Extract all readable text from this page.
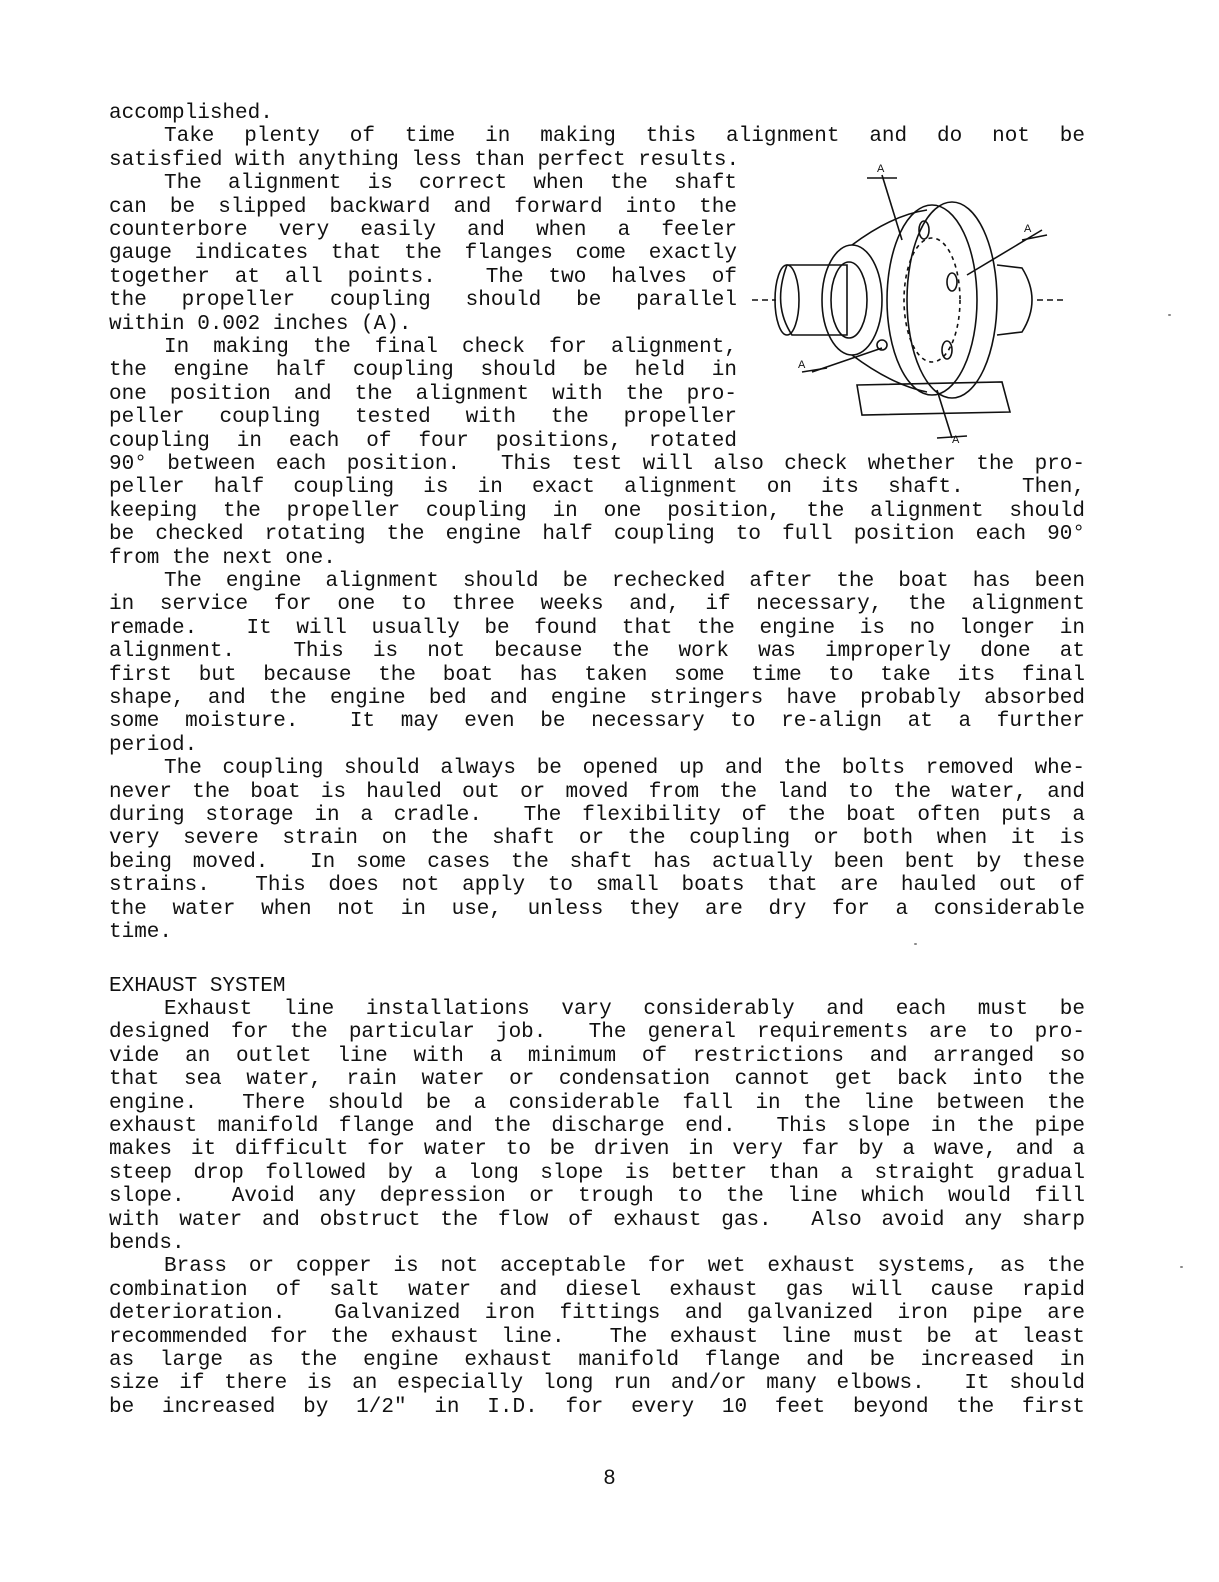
accomplished.
Take plenty of time in making this alignment and do not be
satisfied with anything less than perfect results.
The alignment is correct when the shaft
can be slipped backward and forward into the
counterbore very easily and when a feeler
gauge indicates that the flanges come exactly
together at all points.  The two halves of
the propeller coupling should be parallel
within 0.002 inches (A).
In making the final check for alignment,
the engine half coupling should be held in
one position and the alignment with the pro-
peller coupling tested with the propeller
coupling in each of four positions, rotated
90° between each position.  This test will also check whether the pro-
peller half coupling is in exact alignment on its shaft.  Then,
keeping the propeller coupling in one position, the alignment should
be checked rotating the engine half coupling to full position each 90°
from the next one.
The engine alignment should be rechecked after the boat has been
in service for one to three weeks and, if necessary, the alignment
remade.  It will usually be found that the engine is no longer in
alignment.  This is not because the work was improperly done at
first but because the boat has taken some time to take its final
shape, and the engine bed and engine stringers have probably absorbed
some moisture.  It may even be necessary to re-align at a further
period.
The coupling should always be opened up and the bolts removed whe-
never the boat is hauled out or moved from the land to the water, and
during storage in a cradle.  The flexibility of the boat often puts a
very severe strain on the shaft or the coupling or both when it is
being moved.  In some cases the shaft has actually been bent by these
strains.  This does not apply to small boats that are hauled out of
the water when not in use, unless they are dry for a considerable
time.
EXHAUST SYSTEM
Exhaust line installations vary considerably and each must be
designed for the particular job.  The general requirements are to pro-
vide an outlet line with a minimum of restrictions and arranged so
that sea water, rain water or condensation cannot get back into the
engine.  There should be a considerable fall in the line between the
exhaust manifold flange and the discharge end.  This slope in the pipe
makes it difficult for water to be driven in very far by a wave, and a
steep drop followed by a long slope is better than a straight gradual
slope.  Avoid any depression or trough to the line which would fill
with water and obstruct the flow of exhaust gas.  Also avoid any sharp
bends.
Brass or copper is not acceptable for wet exhaust systems, as the
combination of salt water and diesel exhaust gas will cause rapid
deterioration.  Galvanized iron fittings and galvanized iron pipe are
recommended for the exhaust line.  The exhaust line must be at least
as large as the engine exhaust manifold flange and be increased in
size if there is an especially long run and/or many elbows.  It should
be increased by 1/2" in I.D. for every 10 feet beyond the first
A
A
A
A
8
